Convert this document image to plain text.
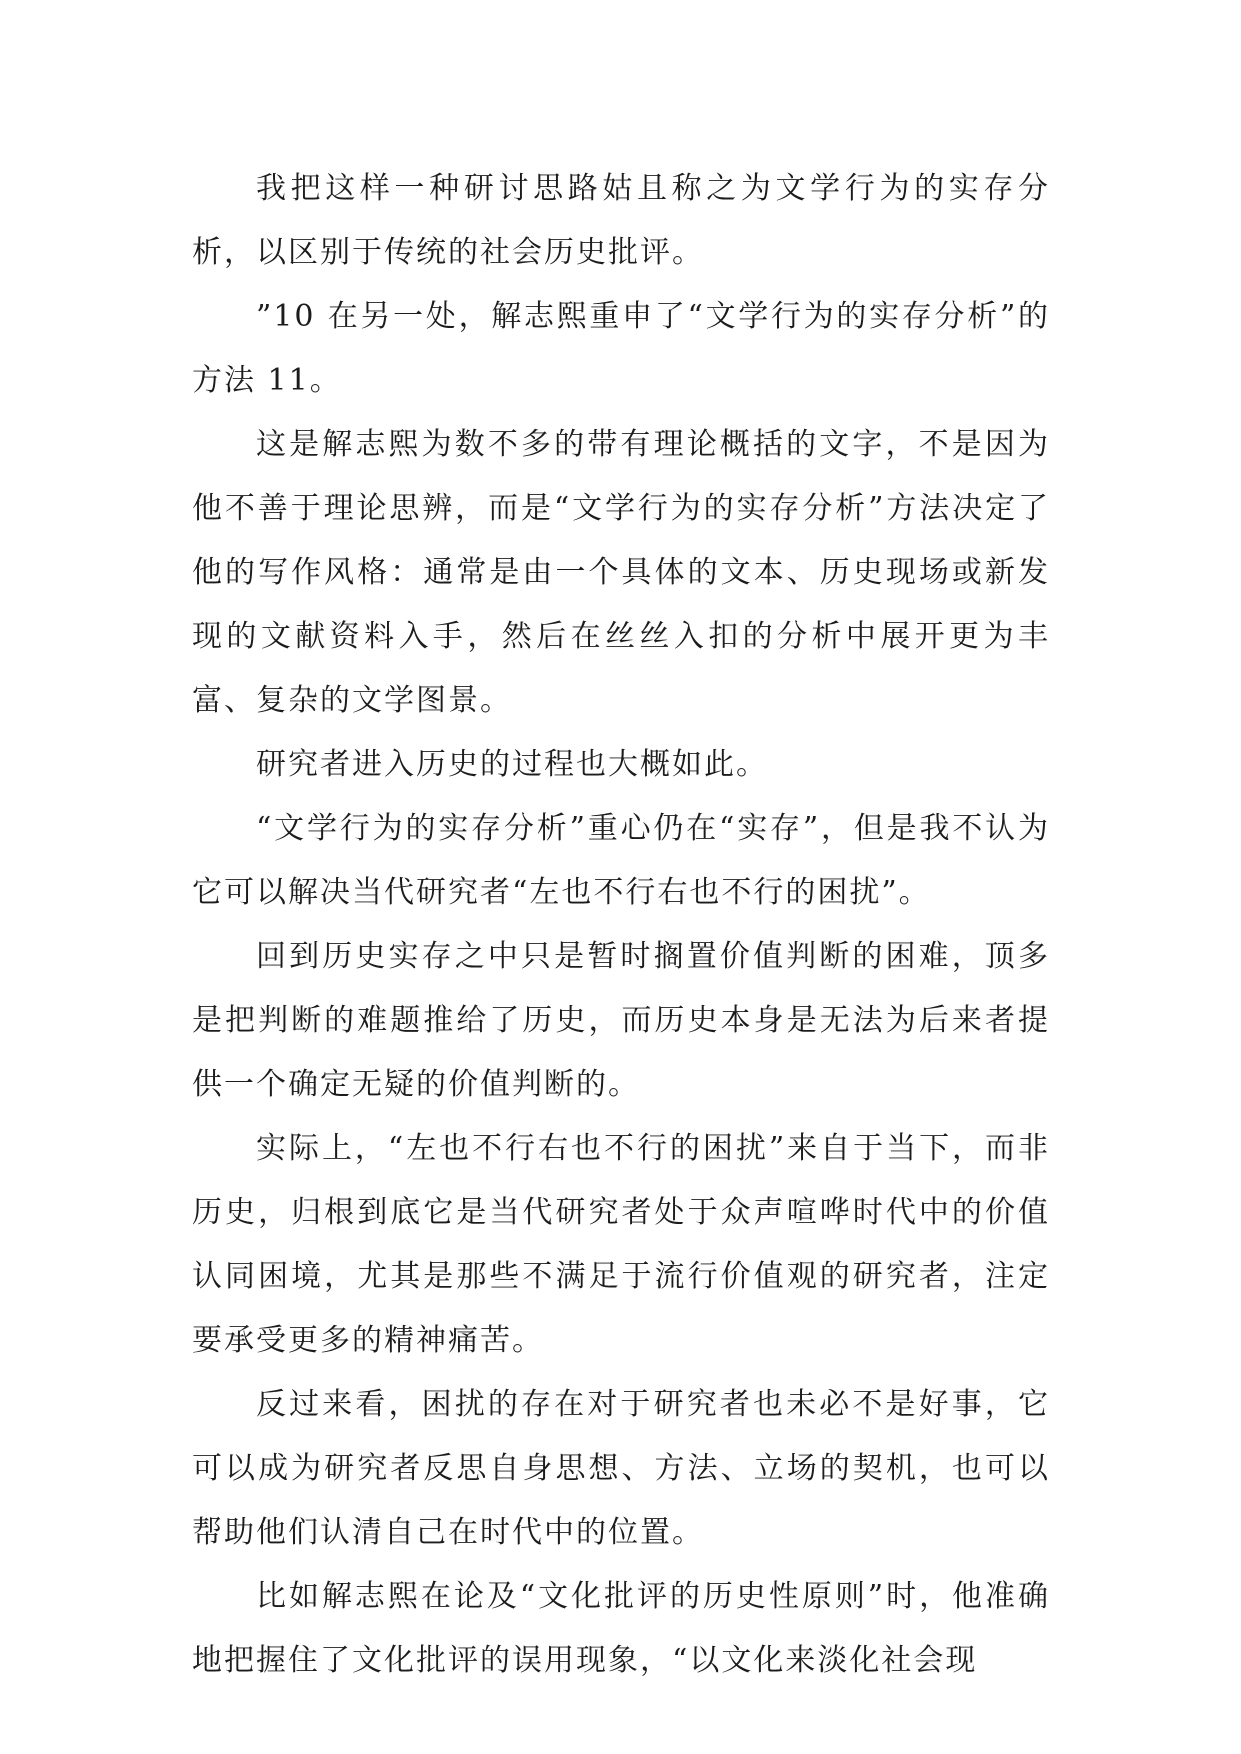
我把这样一种研讨思路姑且称之为文学行为的实存分析，以区别于传统的社会历史批评。

”10 在另一处，解志熙重申了“文学行为的实存分析”的方法 11。

这是解志熙为数不多的带有理论概括的文字，不是因为他不善于理论思辨，而是“文学行为的实存分析”方法决定了他的写作风格：通常是由一个具体的文本、历史现场或新发现的文献资料入手，然后在丝丝入扣的分析中展开更为丰富、复杂的文学图景。

研究者进入历史的过程也大概如此。

“文学行为的实存分析”重心仍在“实存”，但是我不认为它可以解决当代研究者“左也不行右也不行的困扰”。

回到历史实存之中只是暂时搁置价值判断的困难，顶多是把判断的难题推给了历史，而历史本身是无法为后来者提供一个确定无疑的价值判断的。

实际上，“左也不行右也不行的困扰”来自于当下，而非历史，归根到底它是当代研究者处于众声喧哗时代中的价值认同困境，尤其是那些不满足于流行价值观的研究者，注定要承受更多的精神痛苦。

反过来看，困扰的存在对于研究者也未必不是好事，它可以成为研究者反思自身思想、方法、立场的契机，也可以帮助他们认清自己在时代中的位置。

比如解志熙在论及“文化批评的历史性原则”时，他准确地把握住了文化批评的误用现象，“以文化来淡化社会现
